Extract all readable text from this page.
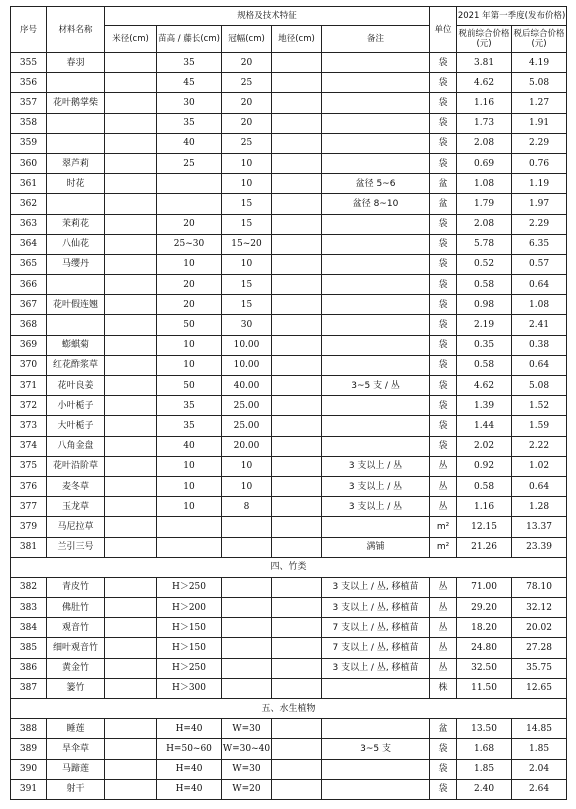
序号	材料名称	规格及技术特征					单位	2021 年第一季度(发布价格)	
		米径(cm)	苗高 / 藤长(cm)	冠幅(cm)	地径(cm)	备注		税前综合价格(元)	税后综合价格(元)
355	春羽		35	20			袋	3.81	4.19
356			45	25			袋	4.62	5.08
357	花叶鹅掌柴		30	20			袋	1.16	1.27
358			35	20			袋	1.73	1.91
359			40	25			袋	2.08	2.29
360	翠芦莉		25	10			袋	0.69	0.76
361	时花			10		盆径 5~6	盆	1.08	1.19
362				15		盆径 8~10	盆	1.79	1.97
363	茉莉花		20	15			袋	2.08	2.29
364	八仙花		25~30	15~20			袋	5.78	6.35
365	马缨丹		10	10			袋	0.52	0.57
366			20	15			袋	0.58	0.64
367	花叶假连翘		20	15			袋	0.98	1.08
368			50	30			袋	2.19	2.41
369	蟛蜞菊		10	10.00			袋	0.35	0.38
370	红花酢浆草		10	10.00			袋	0.58	0.64
371	花叶良姜		50	40.00		3~5 支 / 丛	袋	4.62	5.08
372	小叶栀子		35	25.00			袋	1.39	1.52
373	大叶栀子		35	25.00			袋	1.44	1.59
374	八角金盘		40	20.00			袋	2.02	2.22
375	花叶沿阶草		10	10		3 支以上 / 丛	丛	0.92	1.02
376	麦冬草		10	10		3 支以上 / 丛	丛	0.58	0.64
377	玉龙草		10	8		3 支以上 / 丛	丛	1.16	1.28
379	马尼拉草						m²	12.15	13.37
381	兰引三号					满铺	m²	21.26	23.39
四、竹类									
382	青皮竹		H＞250			3 支以上 / 丛, 移植苗	丛	71.00	78.10
383	佛肚竹		H＞200			3 支以上 / 丛, 移植苗	丛	29.20	32.12
384	观音竹		H＞150			7 支以上 / 丛, 移植苗	丛	18.20	20.02
385	细叶观音竹		H＞150			7 支以上 / 丛, 移植苗	丛	24.80	27.28
386	黄金竹		H＞250			3 支以上 / 丛, 移植苗	丛	32.50	35.75
387	篓竹		H＞300				株	11.50	12.65
五、水生植物									
388	睡莲		H=40	W=30			盆	13.50	14.85
389	旱伞草		H=50~60	W=30~40		3~5 支	袋	1.68	1.85
390	马蹄莲		H=40	W=30			袋	1.85	2.04
391	射干		H=40	W=20			袋	2.40	2.64
